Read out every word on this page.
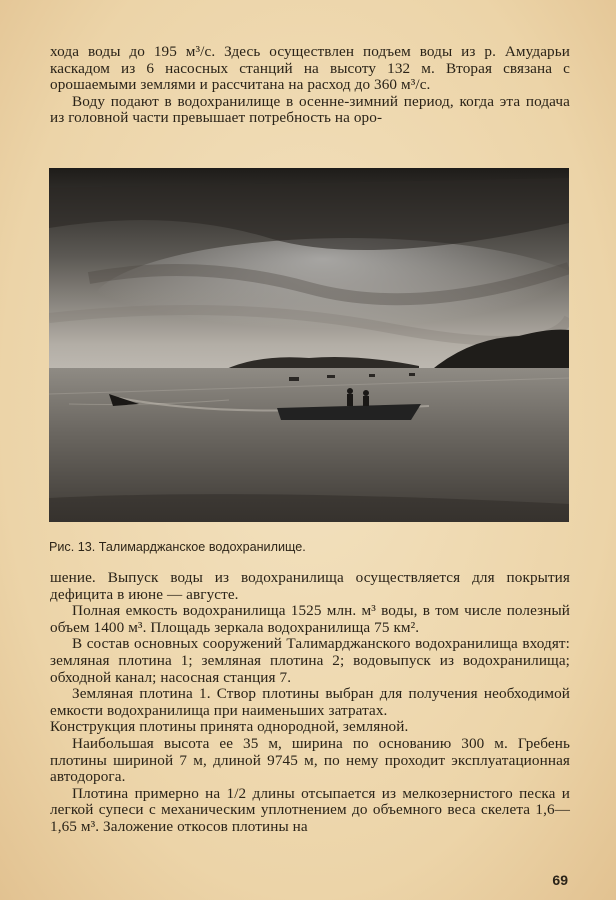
хода воды до 195 м³/с. Здесь осуществлен подъем воды из р. Амударьи каскадом из 6 насосных станций на высоту 132 м. Вторая связана с орошаемыми землями и рассчитана на расход до 360 м³/с.

Воду подают в водохранилище в осенне-зимний период, когда эта подача из головной части превышает потребность на оро-

Рис. 13. Талимарджанское водохранилище.

шение. Выпуск воды из водохранилища осуществляется для покрытия дефицита в июне — августе.

Полная емкость водохранилища 1525 млн. м³ воды, в том числе полезный объем 1400 м³. Площадь зеркала водохранилища 75 км².

В состав основных сооружений Талимарджанского водохранилища входят: земляная плотина 1; земляная плотина 2; водовыпуск из водохранилища; обходной канал; насосная станция 7.

Земляная плотина 1. Створ плотины выбран для получения необходимой емкости водохранилища при наименьших затратах.

Конструкция плотины принята однородной, земляной.

Наибольшая высота ее 35 м, ширина по основанию 300 м. Гребень плотины шириной 7 м, длиной 9745 м, по нему проходит эксплуатационная автодорога.

Плотина примерно на 1/2 длины отсыпается из мелкозернистого песка и легкой супеси с механическим уплотнением до объемного веса скелета 1,6—1,65 м³. Заложение откосов плотины на

69
